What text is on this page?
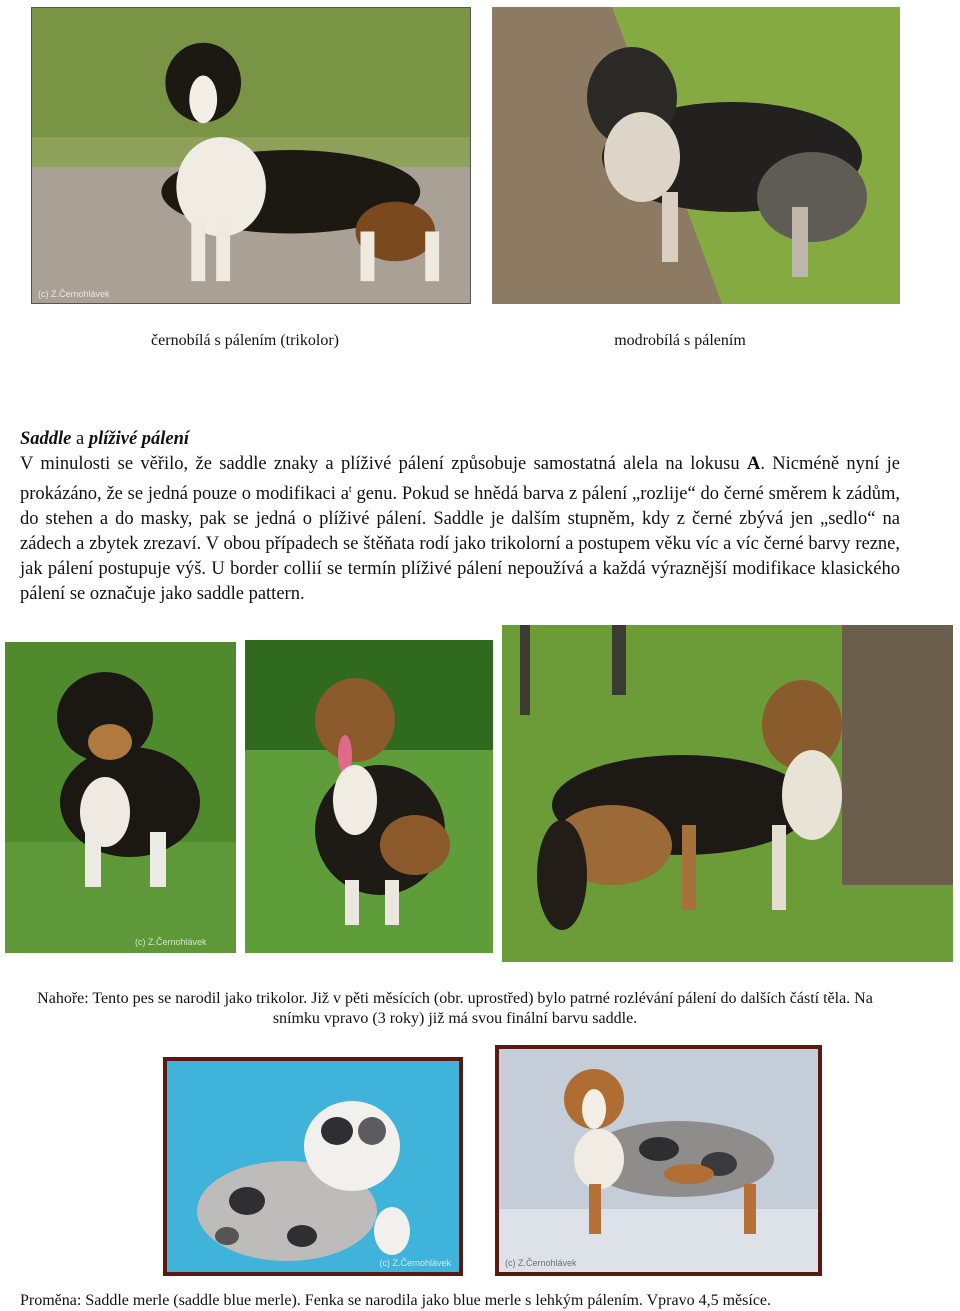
(c) Z.Černohlávek
černobílá s pálením (trikolor)	modrobílá s pálením
Saddle a plíživé pálení

V minulosti se věřilo, že saddle znaky a plíživé pálení způsobuje samostatná alela na lokusu A. Nicméně nyní je prokázáno, že se jedná pouze o modifikaci $a^t$ genu. Pokud se hnědá barva z pálení „rozlije“ do černé směrem k zádům, do stehen a do masky, pak se jedná o plíživé pálení. Saddle je dalším stupněm, kdy z černé zbývá jen „sedlo“ na zádech a zbytek zrezaví. V obou případech se štěňata rodí jako trikolorní a postupem věku víc a víc černé barvy rezne, jak pálení postupuje výš. U border collií se termín plíživé pálení nepoužívá a každá výraznější modifikace klasického pálení se označuje jako saddle pattern.

(c) Z.Černohlávek
Nahoře: Tento pes se narodil jako trikolor. Již v pěti měsících (obr. uprostřed) bylo patrné rozlévání pálení do dalších částí těla. Na snímku vpravo (3 roky) již má svou finální barvu saddle.
(c) Z.Černohlávek	(c) Z.Černohlávek
Proměna: Saddle merle (saddle blue merle). Fenka se narodila jako blue merle s lehkým pálením. Vpravo 4,5 měsíce.
